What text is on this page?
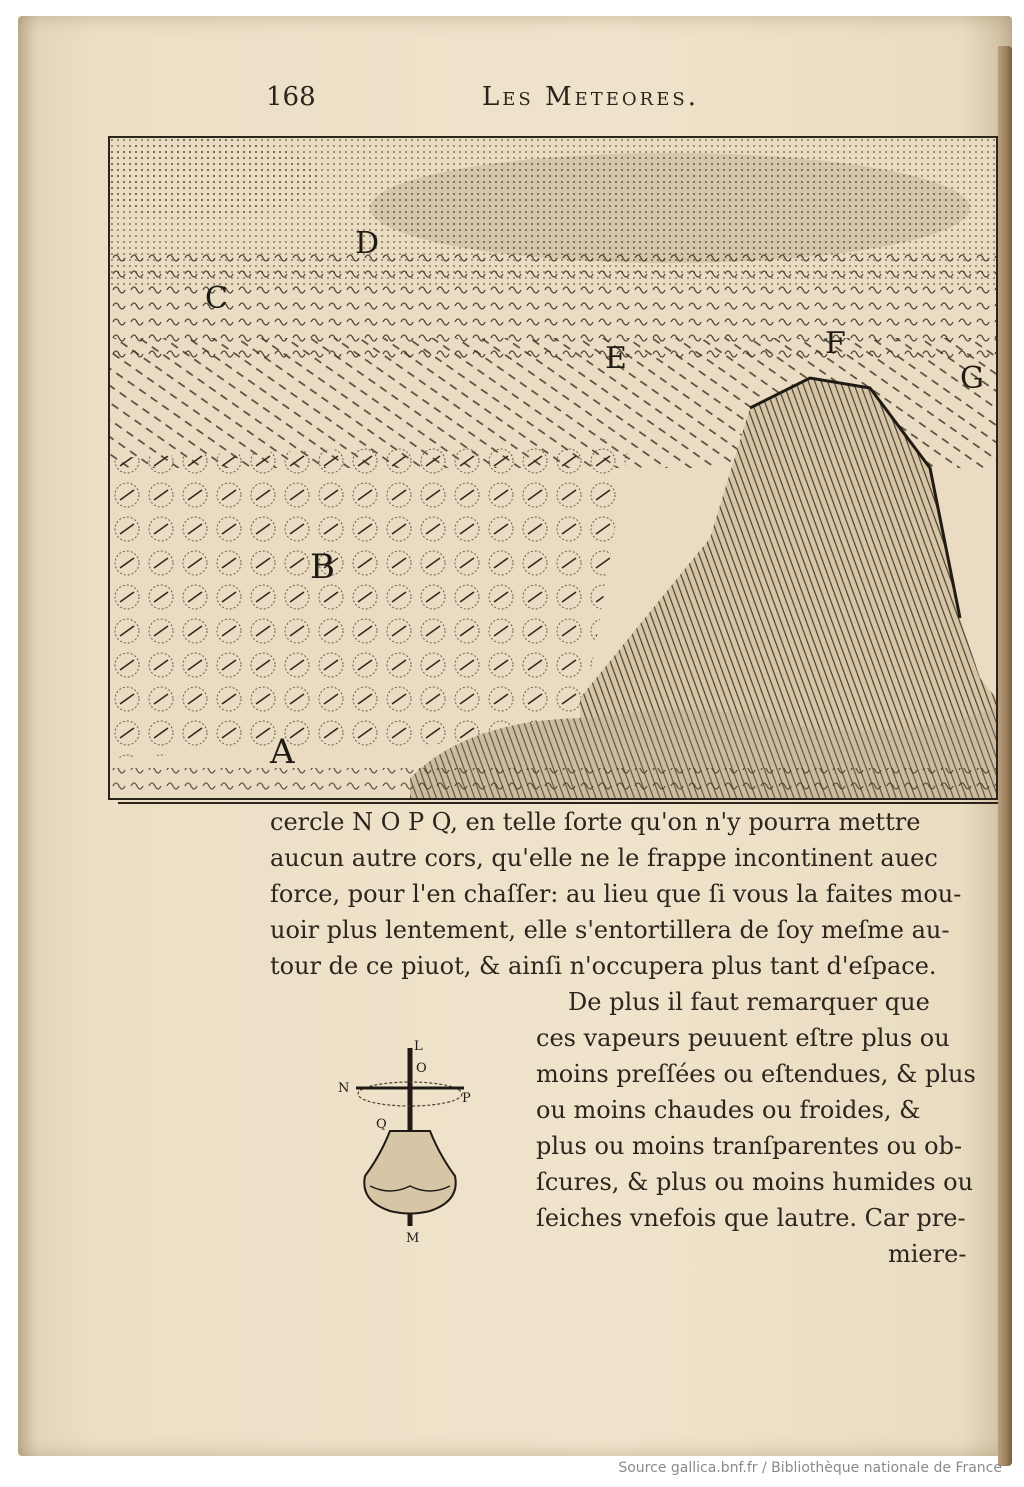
168	Les Meteores.
C
D
E	F
G
B
A
cercle N O P Q, en telle ſorte qu'on n'y pourra mettre
aucun autre cors, qu'elle ne le frappe incontinent auec
force, pour l'en chaſſer: au lieu que ſi vous la faites mou-
uoir plus lentement, elle s'entortillera de ſoy meſme au-
tour de ce piuot, & ainſi n'occupera plus tant d'eſpace.
De plus il faut remarquer que
ces vapeurs peuuent eſtre plus ou
moins preſſées ou eſtendues, & plus
ou moins chaudes ou froides, &
plus ou moins tranſparentes ou ob-
ſcures, & plus ou moins humides ou
ſeiches vnefois que lautre. Car pre-
miere-
L
O
N
P
Q
M
Source gallica.bnf.fr / Bibliothèque nationale de France
